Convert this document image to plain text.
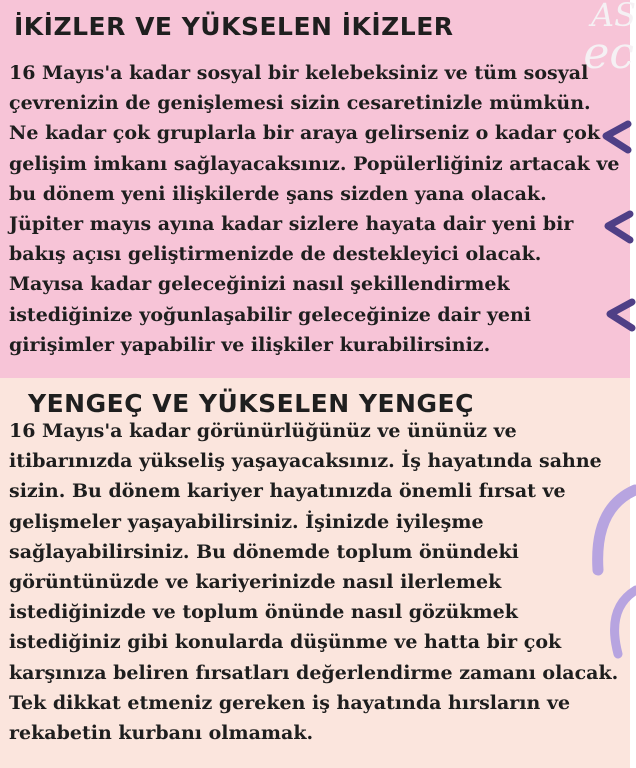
İKİZLER VE YÜKSELEN İKİZLER	AS
ec
16 Mayıs'a kadar sosyal bir kelebeksiniz ve tüm sosyal çevrenizin de genişlemesi sizin cesaretinizle mümkün.
Ne kadar çok gruplarla bir araya gelirseniz o kadar çok gelişim imkanı sağlayacaksınız. Popülerliğiniz artacak ve bu dönem yeni ilişkilerde şans sizden yana olacak. Jüpiter mayıs ayına kadar sizlere hayata dair yeni bir bakış açısı geliştirmenizde de destekleyici olacak. Mayısa kadar geleceğinizi nasıl şekillendirmek istediğinize yoğunlaşabilir geleceğinize dair yeni girişimler yapabilir ve ilişkiler kurabilirsiniz.
YENGEÇ VE YÜKSELEN YENGEÇ
16 Mayıs'a kadar görünürlüğünüz ve ününüz ve itibarınızda yükseliş yaşayacaksınız. İş hayatında sahne sizin. Bu dönem kariyer hayatınızda önemli fırsat ve gelişmeler yaşayabilirsiniz. İşinizde iyileşme sağlayabilirsiniz. Bu dönemde toplum önündeki görüntünüzde ve kariyerinizde nasıl ilerlemek istediğinizde ve toplum önünde nasıl gözükmek istediğiniz gibi konularda düşünme ve hatta bir çok karşınıza beliren fırsatları değerlendirme zamanı olacak. Tek dikkat etmeniz gereken iş hayatında hırsların ve rekabetin kurbanı olmamak.
